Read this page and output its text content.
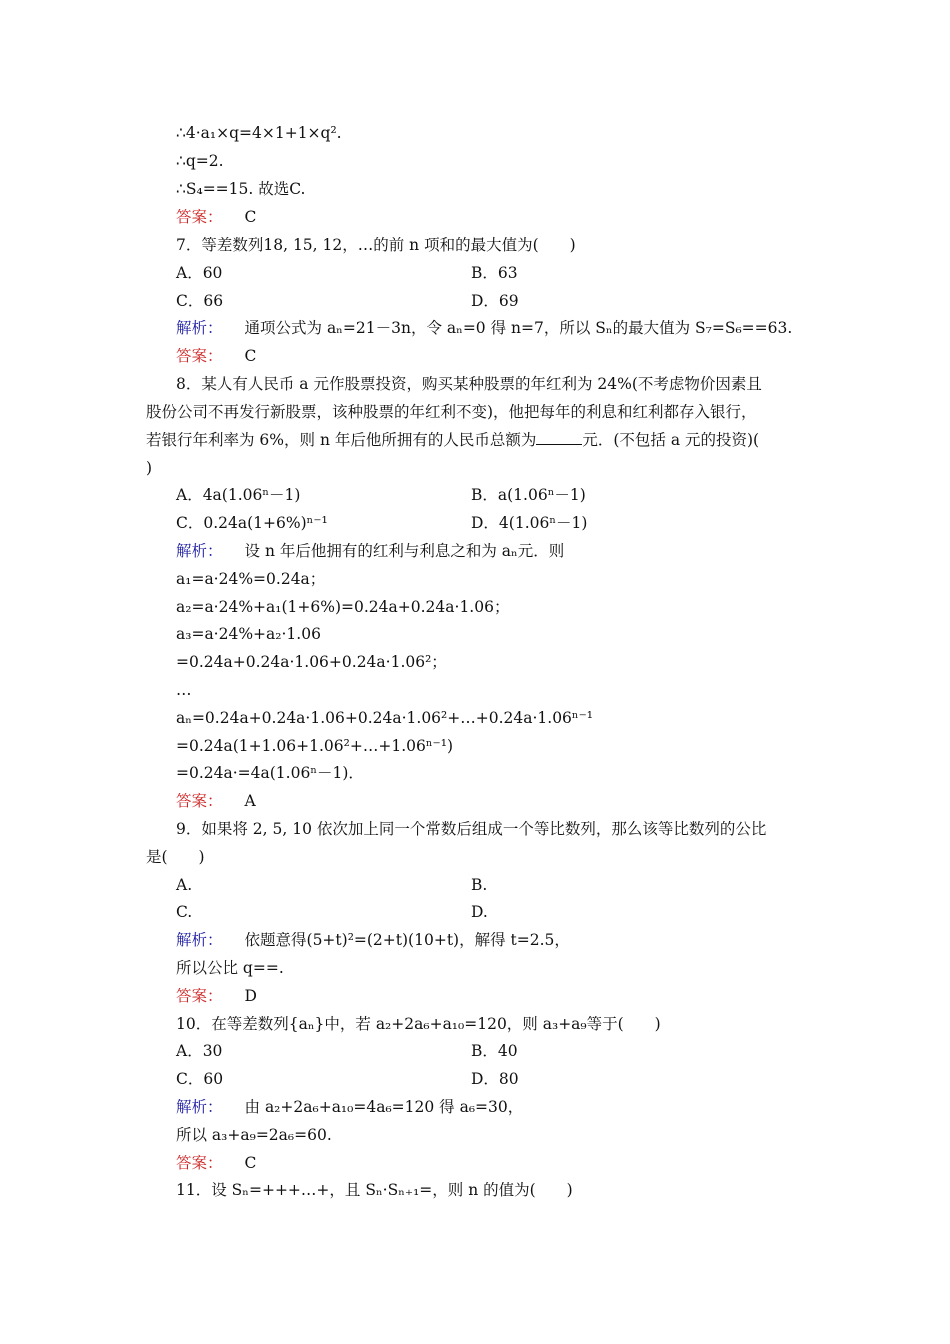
∴4·a₁×q=4×1+1×q².
∴q=2.
∴S₄==15. 故选C.
答案： C
7．等差数列18, 15, 12，…的前 n 项和的最大值为(　　)
A．60	B．63
C．66	D．69
解析： 通项公式为 aₙ=21－3n，令 aₙ=0 得 n=7，所以 Sₙ的最大值为 S₇=S₆==63.
答案： C
8．某人有人民币 a 元作股票投资，购买某种股票的年红利为 24%(不考虑物价因素且
股份公司不再发行新股票，该种股票的年红利不变)，他把每年的利息和红利都存入银行，
若银行年利率为 6%，则 n 年后他所拥有的人民币总额为	元．(不包括 a 元的投资)(
)
A．4a(1.06ⁿ－1)	B．a(1.06ⁿ－1)
C．0.24a(1+6%)ⁿ⁻¹	D．4(1.06ⁿ－1)
解析： 设 n 年后他拥有的红利与利息之和为 aₙ元．则
a₁=a·24%=0.24a；
a₂=a·24%+a₁(1+6%)=0.24a+0.24a·1.06；
a₃=a·24%+a₂·1.06
=0.24a+0.24a·1.06+0.24a·1.06²；
…
aₙ=0.24a+0.24a·1.06+0.24a·1.06²+…+0.24a·1.06ⁿ⁻¹
=0.24a(1+1.06+1.06²+…+1.06ⁿ⁻¹)
=0.24a·=4a(1.06ⁿ－1)．
答案： A
9．如果将 2, 5, 10 依次加上同一个常数后组成一个等比数列，那么该等比数列的公比
是(　　)
A.	B.
C.	D.
解析： 依题意得(5+t)²=(2+t)(10+t)，解得 t=2.5，
所以公比 q==.
答案： D
10．在等差数列{aₙ}中，若 a₂+2a₆+a₁₀=120，则 a₃+a₉等于(　　)
A．30	B．40
C．60	D．80
解析： 由 a₂+2a₆+a₁₀=4a₆=120 得 a₆=30，
所以 a₃+a₉=2a₆=60.
答案： C
11．设 Sₙ=+++…+，且 Sₙ·Sₙ₊₁=，则 n 的值为(　　)
